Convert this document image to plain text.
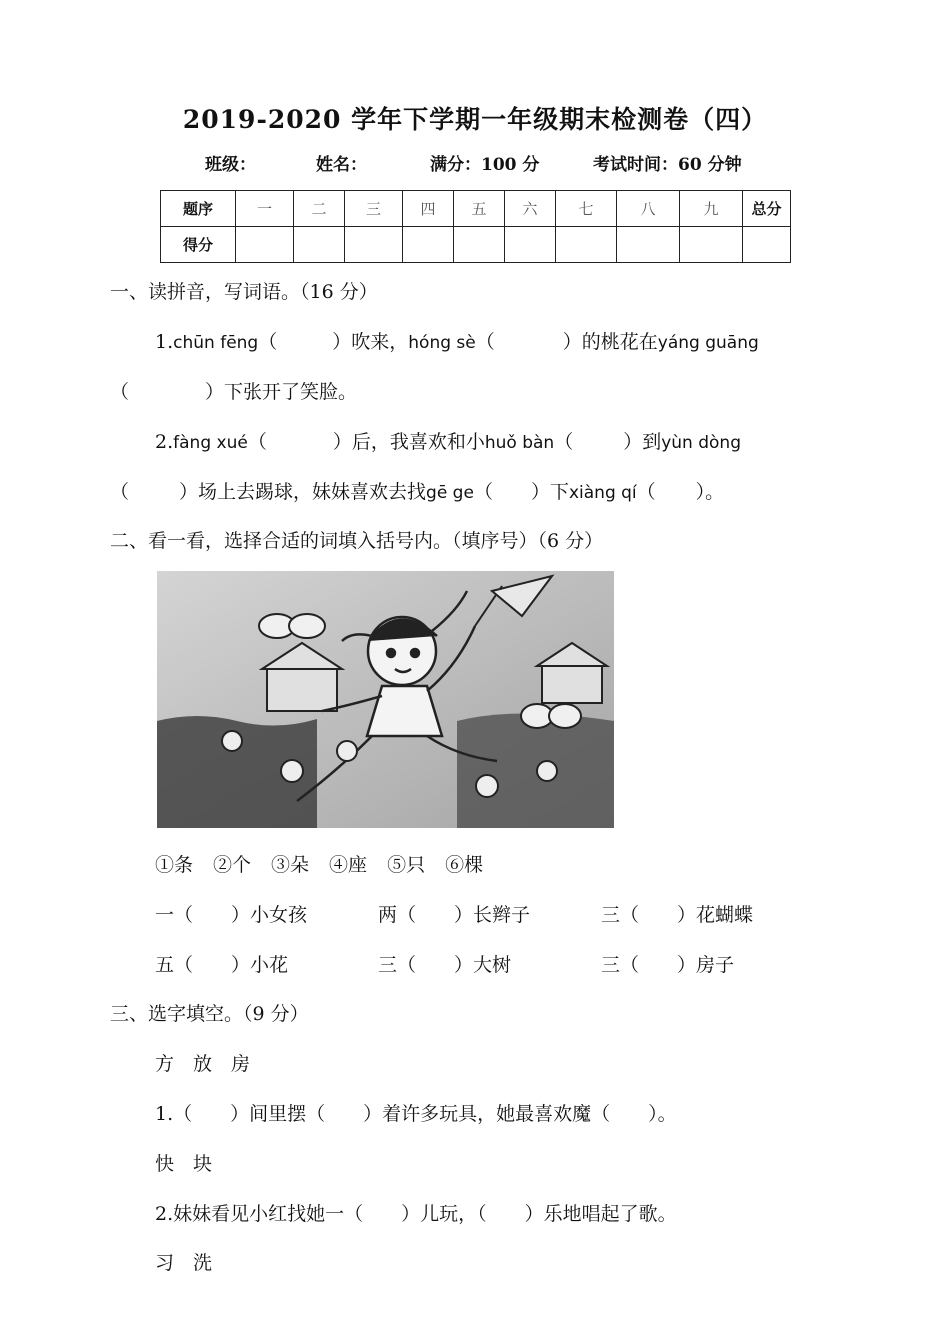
2019-2020 学年下学期一年级期末检测卷（四）
班级：	姓名：	满分：100 分	考试时间：60 分钟
题序	一	二	三	四	五	六	七	八	九	总分
得分										
一、读拼音，写词语。（16 分）
1.chūn fēng（	）吹来，hóng sè（	）的桃花在yáng guāng
（	）下张开了笑脸。
2.fàng xué（	）后，我喜欢和小huǒ bàn（	）到yùn dòng
（	）场上去踢球，妹妹喜欢去找gē ge（ ）下xiàng qí（ ）。
二、看一看，选择合适的词填入括号内。（填序号）（6 分）
①条 ②个 ③朵 ④座 ⑤只 ⑥棵
一（　　）小女孩	两（　　）长辫子	三（　　）花蝴蝶
五（　　）小花	三（　　）大树	三（　　）房子
三、选字填空。（9 分）
方　放　房
1.（　　）间里摆（　　）着许多玩具，她最喜欢魔（　　）。
快　块
2.妹妹看见小红找她一（　　）儿玩，（　　）乐地唱起了歌。
习　洗
